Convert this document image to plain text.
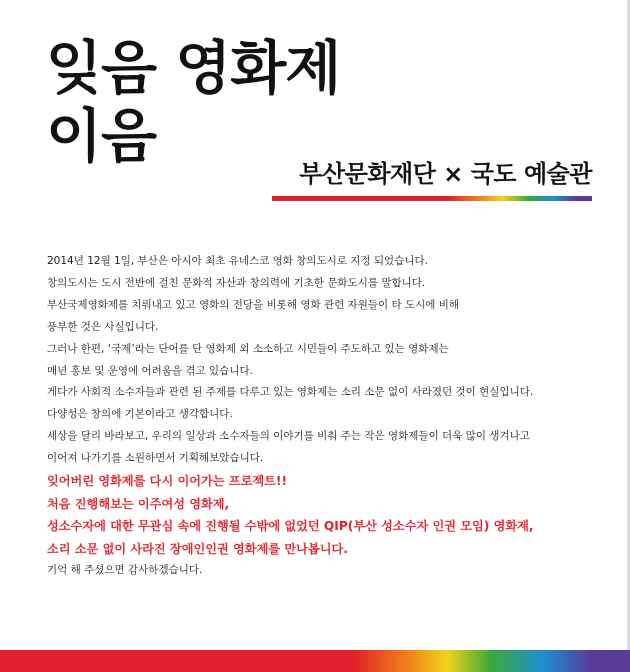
잊음 영화제
이음
부산문화재단 × 국도 예술관
2014년 12월 1일, 부산은 아시아 최초 유네스코 영화 창의도시로 지정 되었습니다.
창의도시는 도시 전반에 걸친 문화적 자산과 창의력에 기초한 문화도시를 말합니다.
부산국제영화제를 치뤄내고 있고 영화의 전당을 비롯해 영화 관련 자원들이 타 도시에 비해
풍부한 것은 사실입니다.
그러나 한편, ‘국제’라는 단어를 단 영화제 외 소소하고 시민들이 주도하고 있는 영화제는
매년 홍보 및 운영에 어려움을 겪고 있습니다.
게다가 사회적 소수자들과 관련 된 주제를 다루고 있는 영화제는 소리 소문 없이 사라졌던 것이 현실입니다.
다양성은 창의에 기본이라고 생각합니다.
세상을 달리 바라보고, 우리의 일상과 소수자들의 이야기를 비춰 주는 작은 영화제들이 더욱 많이 생겨나고
이어져 나가기를 소원하면서 기획해보았습니다.
잊어버린 영화제를 다시 이어가는 프로젝트!!
처음 진행해보는 이주여성 영화제,
성소수자에 대한 무관심 속에 진행될 수밖에 없었던 QIP(부산 성소수자 인권 모임) 영화제,
소리 소문 없이 사라진 장애인인권 영화제를 만나봅니다.
기억 해 주셨으면 감사하겠습니다.
